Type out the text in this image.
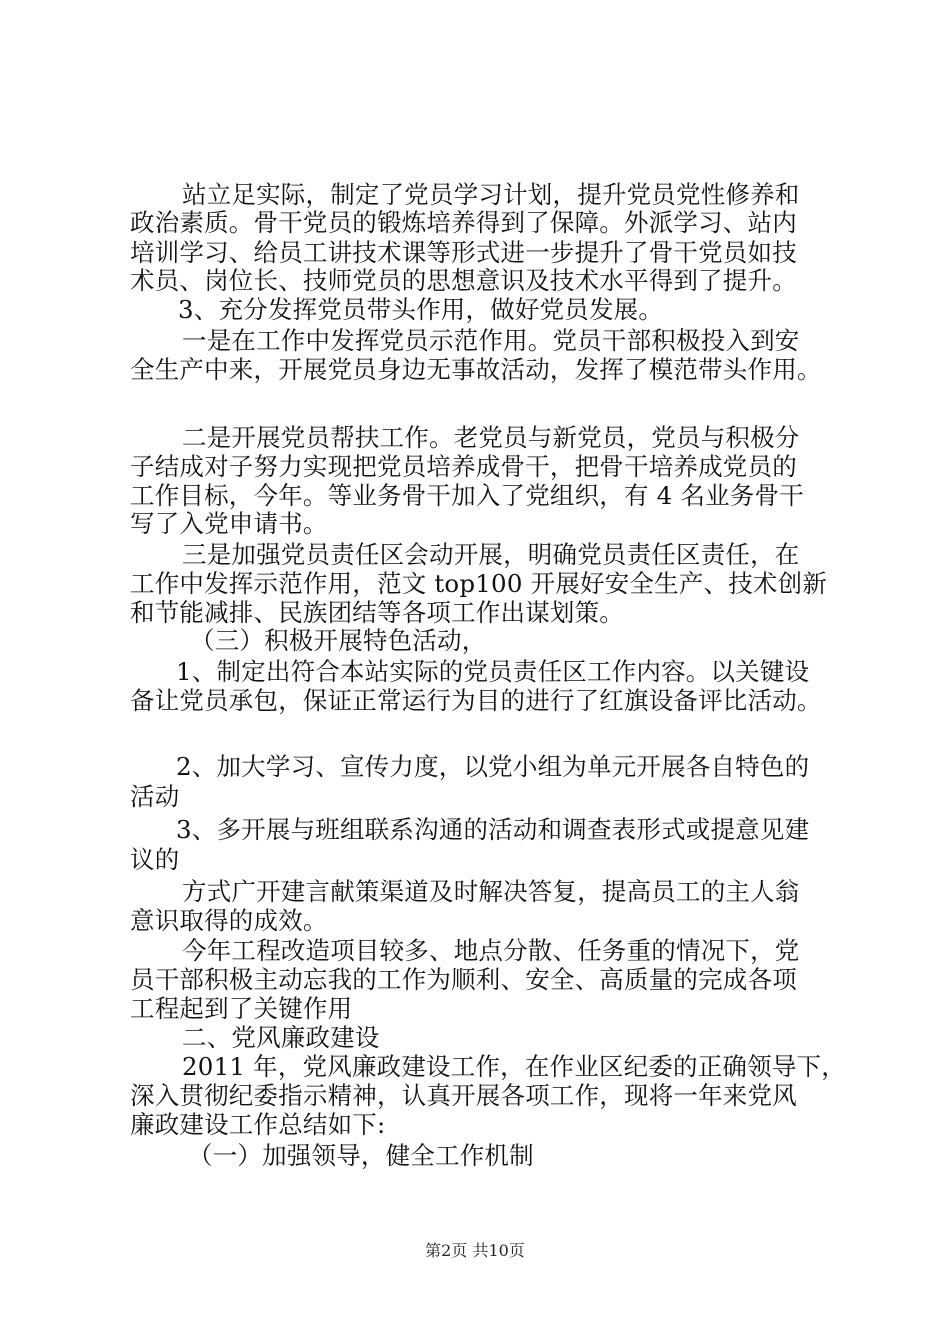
站立足实际，制定了党员学习计划，提升党员党性修养和
政治素质。骨干党员的锻炼培养得到了保障。外派学习、站内
培训学习、给员工讲技术课等形式进一步提升了骨干党员如技
术员、岗位长、技师党员的思想意识及技术水平得到了提升。
3、充分发挥党员带头作用，做好党员发展。
一是在工作中发挥党员示范作用。党员干部积极投入到安
全生产中来，开展党员身边无事故活动，发挥了模范带头作用。
二是开展党员帮扶工作。老党员与新党员，党员与积极分
子结成对子努力实现把党员培养成骨干，把骨干培养成党员的
工作目标，今年。等业务骨干加入了党组织，有 4 名业务骨干
写了入党申请书。
三是加强党员责任区会动开展，明确党员责任区责任，在
工作中发挥示范作用，范文 top100 开展好安全生产、技术创新
和节能减排、民族团结等各项工作出谋划策。
（三）积极开展特色活动，
1、制定出符合本站实际的党员责任区工作内容。以关键设
备让党员承包，保证正常运行为目的进行了红旗设备评比活动。
2、加大学习、宣传力度，以党小组为单元开展各自特色的
活动
3、多开展与班组联系沟通的活动和调查表形式或提意见建
议的
方式广开建言献策渠道及时解决答复，提高员工的主人翁
意识取得的成效。
今年工程改造项目较多、地点分散、任务重的情况下，党
员干部积极主动忘我的工作为顺利、安全、高质量的完成各项
工程起到了关键作用
二、党风廉政建设
2011 年，党风廉政建设工作，在作业区纪委的正确领导下，
深入贯彻纪委指示精神，认真开展各项工作，现将一年来党风
廉政建设工作总结如下:
（一）加强领导，健全工作机制
第2页 共10页
